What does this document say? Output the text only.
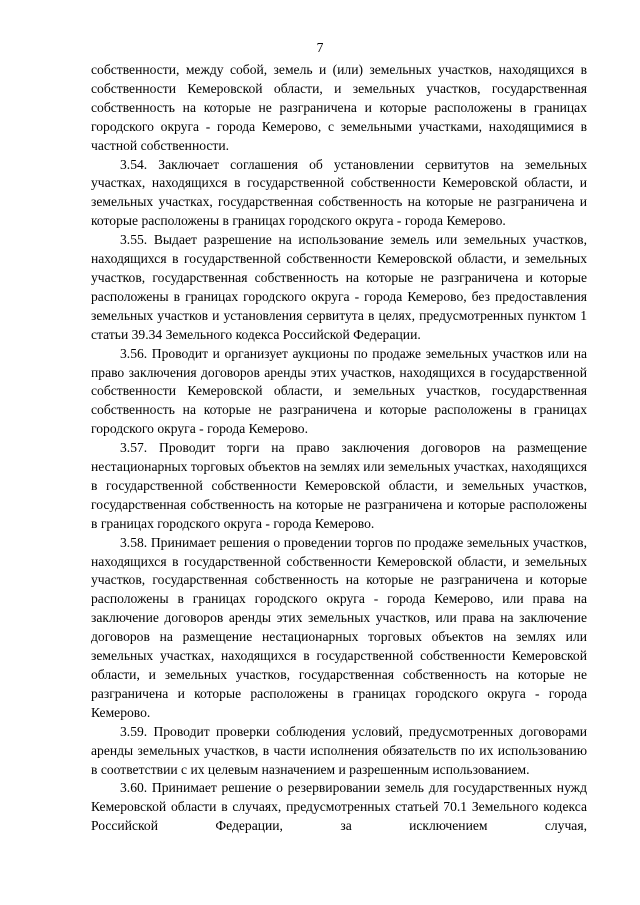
7

собственности, между собой, земель и (или) земельных участков, находящихся в собственности Кемеровской области, и земельных участков, государственная собственность на которые не разграничена и которые расположены в границах городского округа - города Кемерово, с земельными участками, находящимися в частной собственности.

3.54. Заключает соглашения об установлении сервитутов на земельных участках, находящихся в государственной собственности Кемеровской области, и земельных участках, государственная собственность на которые не разграничена и которые расположены в границах городского округа - города Кемерово.

3.55. Выдает разрешение на использование земель или земельных участков, находящихся в государственной собственности Кемеровской области, и земельных участков, государственная собственность на которые не разграничена и которые расположены в границах городского округа - города Кемерово, без предоставления земельных участков и установления сервитута в целях, предусмотренных пунктом 1 статьи 39.34 Земельного кодекса Российской Федерации.

3.56. Проводит и организует аукционы по продаже земельных участков или на право заключения договоров аренды этих участков, находящихся в государственной собственности Кемеровской области, и земельных участков, государственная собственность на которые не разграничена и которые расположены в границах городского округа - города Кемерово.

3.57. Проводит торги на право заключения договоров на размещение нестационарных торговых объектов на землях или земельных участках, находящихся в государственной собственности Кемеровской области, и земельных участков, государственная собственность на которые не разграничена и которые расположены в границах городского округа - города Кемерово.

3.58. Принимает решения о проведении торгов по продаже земельных участков, находящихся в государственной собственности Кемеровской области, и земельных участков, государственная собственность на которые не разграничена и которые расположены в границах городского округа - города Кемерово, или права на заключение договоров аренды этих земельных участков, или права на заключение договоров на размещение нестационарных торговых объектов на землях или земельных участках, находящихся в государственной собственности Кемеровской области, и земельных участков, государственная собственность на которые не разграничена и которые расположены в границах городского округа - города Кемерово.

3.59. Проводит проверки соблюдения условий, предусмотренных договорами аренды земельных участков, в части исполнения обязательств по их использованию в соответствии с их целевым назначением и разрешенным использованием.

3.60. Принимает решение о резервировании земель для государственных нужд Кемеровской области в случаях, предусмотренных статьей 70.1 Земельного кодекса Российской Федерации, за исключением случая,
